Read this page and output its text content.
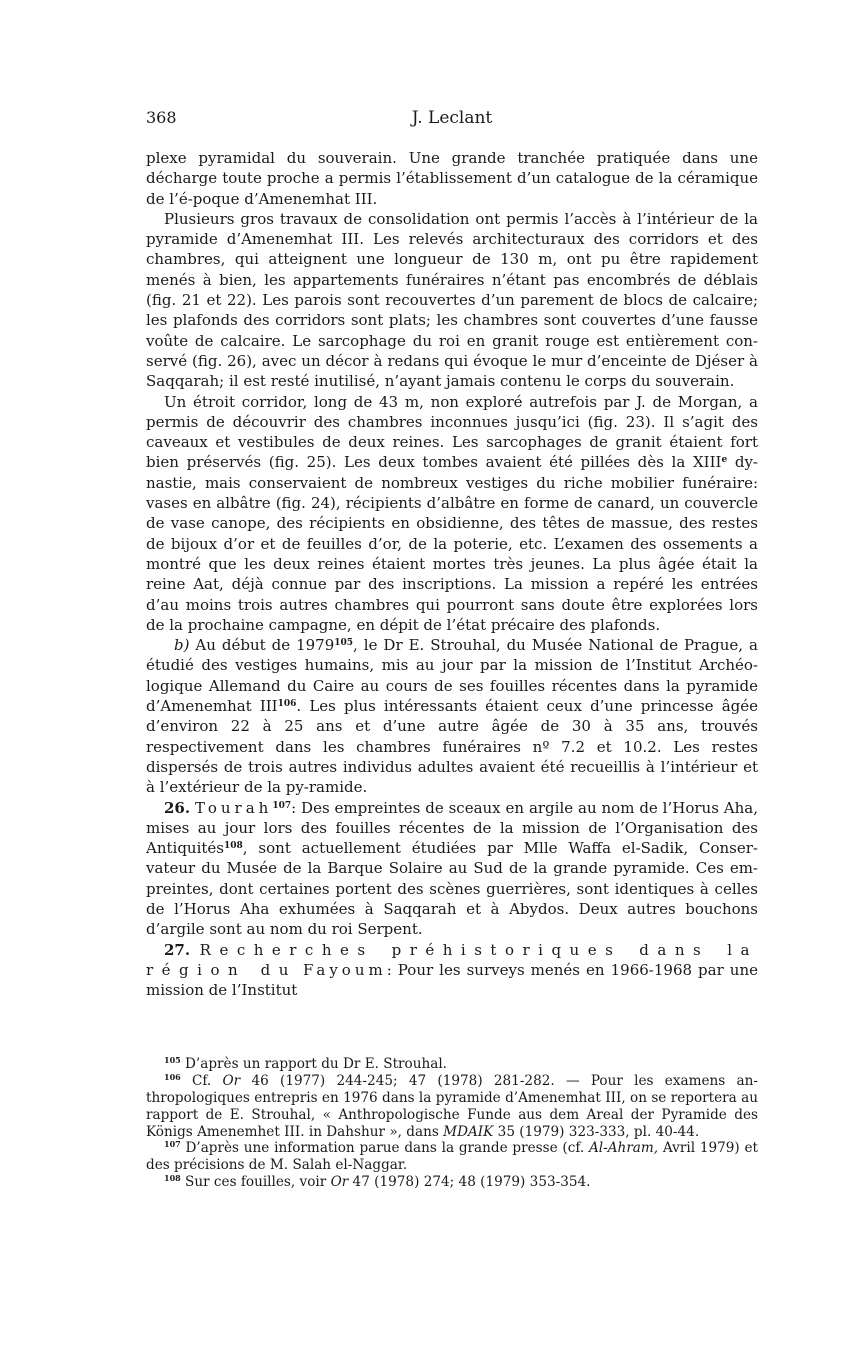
368	J. Leclant

plexe pyramidal du souverain. Une grande tranchée pratiquée dans une décharge toute proche a permis l’établissement d’un catalogue de la céramique de l’é-poque d’Amenemhat III.

Plusieurs gros travaux de consolidation ont permis l’accès à l’intérieur de la pyramide d’Amenemhat III. Les relevés architecturaux des corridors et des chambres, qui atteignent une longueur de 130 m, ont pu être rapidement menés à bien, les appartements funéraires n’étant pas encombrés de déblais (fig. 21 et 22). Les parois sont recouvertes d’un parement de blocs de calcaire; les plafonds des corridors sont plats; les chambres sont couvertes d’une fausse voûte de calcaire. Le sarcophage du roi en granit rouge est entièrement con-servé (fig. 26), avec un décor à redans qui évoque le mur d’enceinte de Djéser à Saqqarah; il est resté inutilisé, n’ayant jamais contenu le corps du souverain.

Un étroit corridor, long de 43 m, non exploré autrefois par J. de Morgan, a permis de découvrir des chambres inconnues jusqu’ici (fig. 23). Il s’agit des caveaux et vestibules de deux reines. Les sarcophages de granit étaient fort bien préservés (fig. 25). Les deux tombes avaient été pillées dès la XIIIe dy-nastie, mais conservaient de nombreux vestiges du riche mobilier funéraire: vases en albâtre (fig. 24), récipients d’albâtre en forme de canard, un couvercle de vase canope, des récipients en obsidienne, des têtes de massue, des restes de bijoux d’or et de feuilles d’or, de la poterie, etc. L’examen des ossements a montré que les deux reines étaient mortes très jeunes. La plus âgée était la reine Aat, déjà connue par des inscriptions. La mission a repéré les entrées d’au moins trois autres chambres qui pourront sans doute être explorées lors de la prochaine campagne, en dépit de l’état précaire des plafonds.

b) Au début de 1979$^{105}$, le Dr E. Strouhal, du Musée National de Prague, a étudié des vestiges humains, mis au jour par la mission de l’Institut Archéo-logique Allemand du Caire au cours de ses fouilles récentes dans la pyramide d’Amenemhat III$^{106}$. Les plus intéressants étaient ceux d’une princesse âgée d’environ 22 à 25 ans et d’une autre âgée de 30 à 35 ans, trouvés respectivement dans les chambres funéraires nº 7.2 et 10.2. Les restes dispersés de trois autres individus adultes avaient été recueillis à l’intérieur et à l’extérieur de la py-ramide.

26. Tourah$^{107}$: Des empreintes de sceaux en argile au nom de l’Horus Aha, mises au jour lors des fouilles récentes de la mission de l’Organisation des Antiquités$^{108}$, sont actuellement étudiées par Mlle Waffa el-Sadik, Conser-vateur du Musée de la Barque Solaire au Sud de la grande pyramide. Ces em-preintes, dont certaines portent des scènes guerrières, sont identiques à celles de l’Horus Aha exhumées à Saqqarah et à Abydos. Deux autres bouchons d’argile sont au nom du roi Serpent.

27. Recherches préhistoriques dans la région du Fayoum: Pour les surveys menés en 1966-1968 par une mission de l’Institut

$^{105}$ D’après un rapport du Dr E. Strouhal.

$^{106}$ Cf. Or 46 (1977) 244-245; 47 (1978) 281-282. — Pour les examens an-thropologiques entrepris en 1976 dans la pyramide d’Amenemhat III, on se reportera au rapport de E. Strouhal, « Anthropologische Funde aus dem Areal der Pyramide des Königs Amenemhet III. in Dahshur », dans MDAIK 35 (1979) 323-333, pl. 40-44.

$^{107}$ D’après une information parue dans la grande presse (cf. Al-Ahram, Avril 1979) et des précisions de M. Salah el-Naggar.

$^{108}$ Sur ces fouilles, voir Or 47 (1978) 274; 48 (1979) 353-354.
